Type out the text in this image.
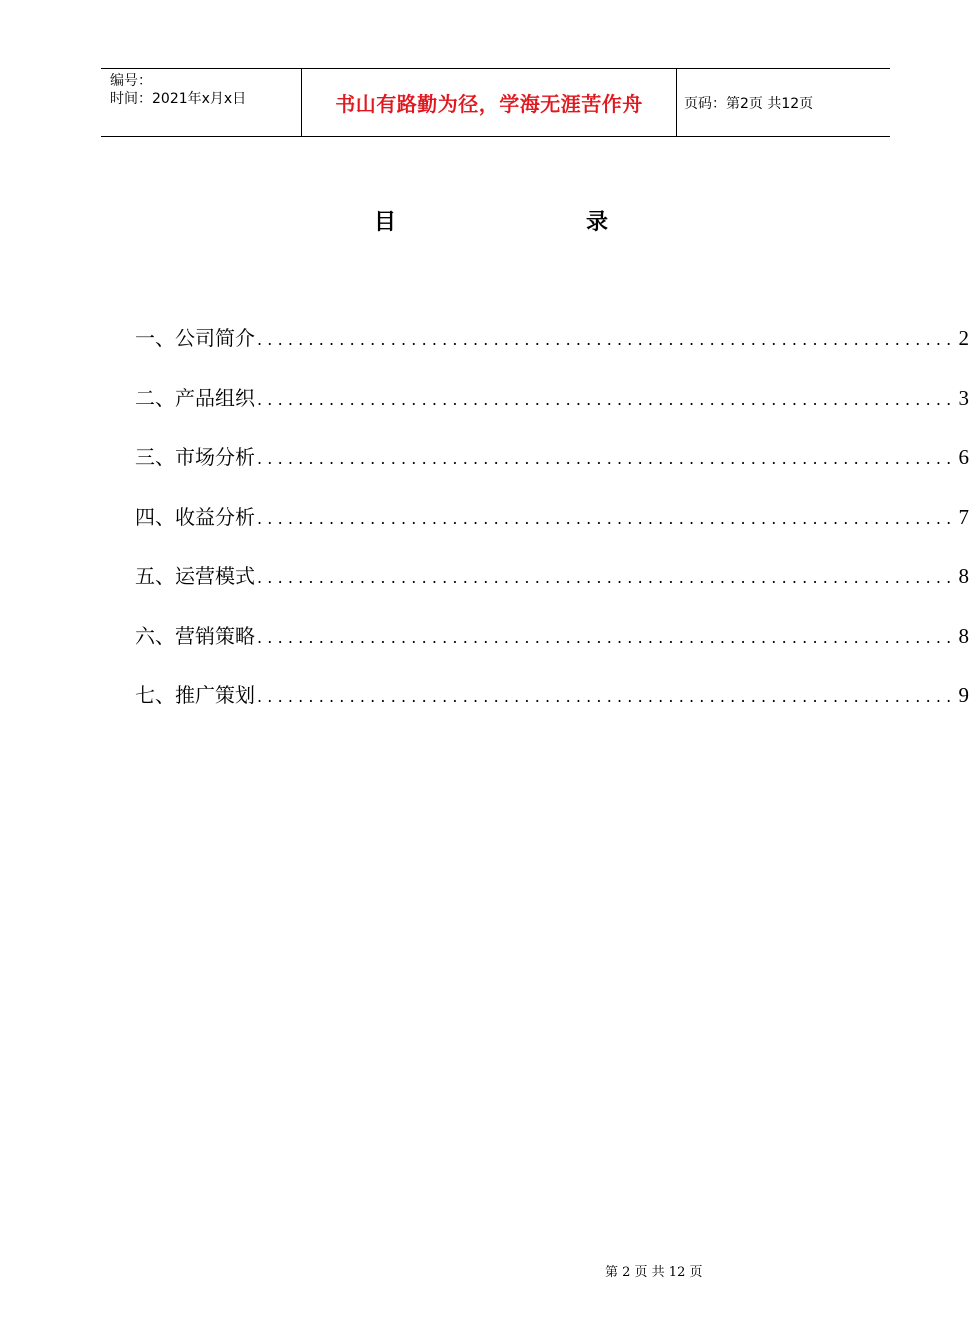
编号：
时间：2021年x月x日	书山有路勤为径，学海无涯苦作舟	页码：第2页 共12页
目	录
一、公司简介 .................................................................... 2
二、产品组织 .................................................................... 3
三、市场分析 .................................................................... 6
四、收益分析 .................................................................... 7
五、运营模式 .................................................................... 8
六、营销策略 .................................................................... 8
七、推广策划 .................................................................... 9

第 2 页 共 12 页
